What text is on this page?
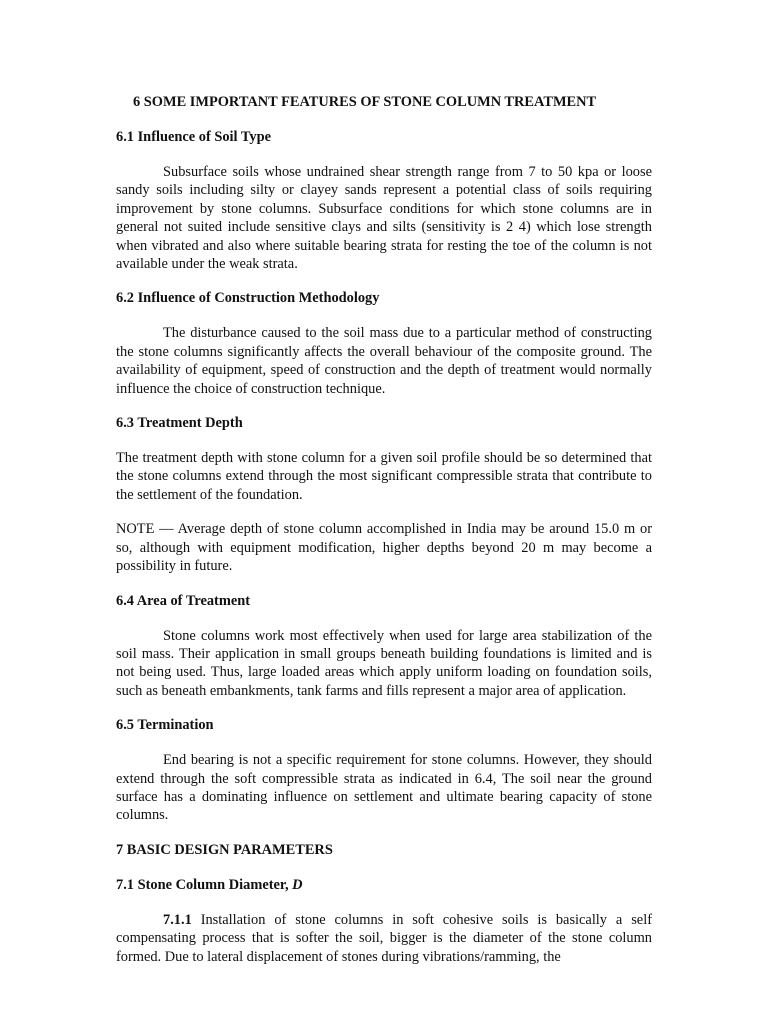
6 SOME IMPORTANT FEATURES OF STONE COLUMN TREATMENT
6.1 Influence of Soil Type

Subsurface soils whose undrained shear strength range from 7 to 50 kpa or loose sandy soils including silty or clayey sands represent a potential class of soils requiring improvement by stone columns. Subsurface conditions for which stone columns are in general not suited include sensitive clays and silts (sensitivity is 2 4) which lose strength when vibrated and also where suitable bearing strata for resting the toe of the column is not available under the weak strata.

6.2 Influence of Construction Methodology

The disturbance caused to the soil mass due to a particular method of constructing the stone columns significantly affects the overall behaviour of the composite ground. The availability of equipment, speed of construction and the depth of treatment would normally influence the choice of construction technique.

6.3 Treatment Depth

The treatment depth with stone column for a given soil profile should be so determined that the stone columns extend through the most significant compressible strata that contribute to the settlement of the foundation.

NOTE — Average depth of stone column accomplished in India may be around 15.0 m or so, although with equipment modification, higher depths beyond 20 m may become a possibility in future.

6.4 Area of Treatment

Stone columns work most effectively when used for large area stabilization of the soil mass. Their application in small groups beneath building foundations is limited and is not being used. Thus, large loaded areas which apply uniform loading on foundation soils, such as beneath embankments, tank farms and fills represent a major area of application.

6.5 Termination

End bearing is not a specific requirement for stone columns. However, they should extend through the soft compressible strata as indicated in 6.4, The soil near the ground surface has a dominating influence on settlement and ultimate bearing capacity of stone columns.

7 BASIC DESIGN PARAMETERS
7.1 Stone Column Diameter, D

7.1.1 Installation of stone columns in soft cohesive soils is basically a self compensating process that is softer the soil, bigger is the diameter of the stone column formed. Due to lateral displacement of stones during vibrations/ramming, the
